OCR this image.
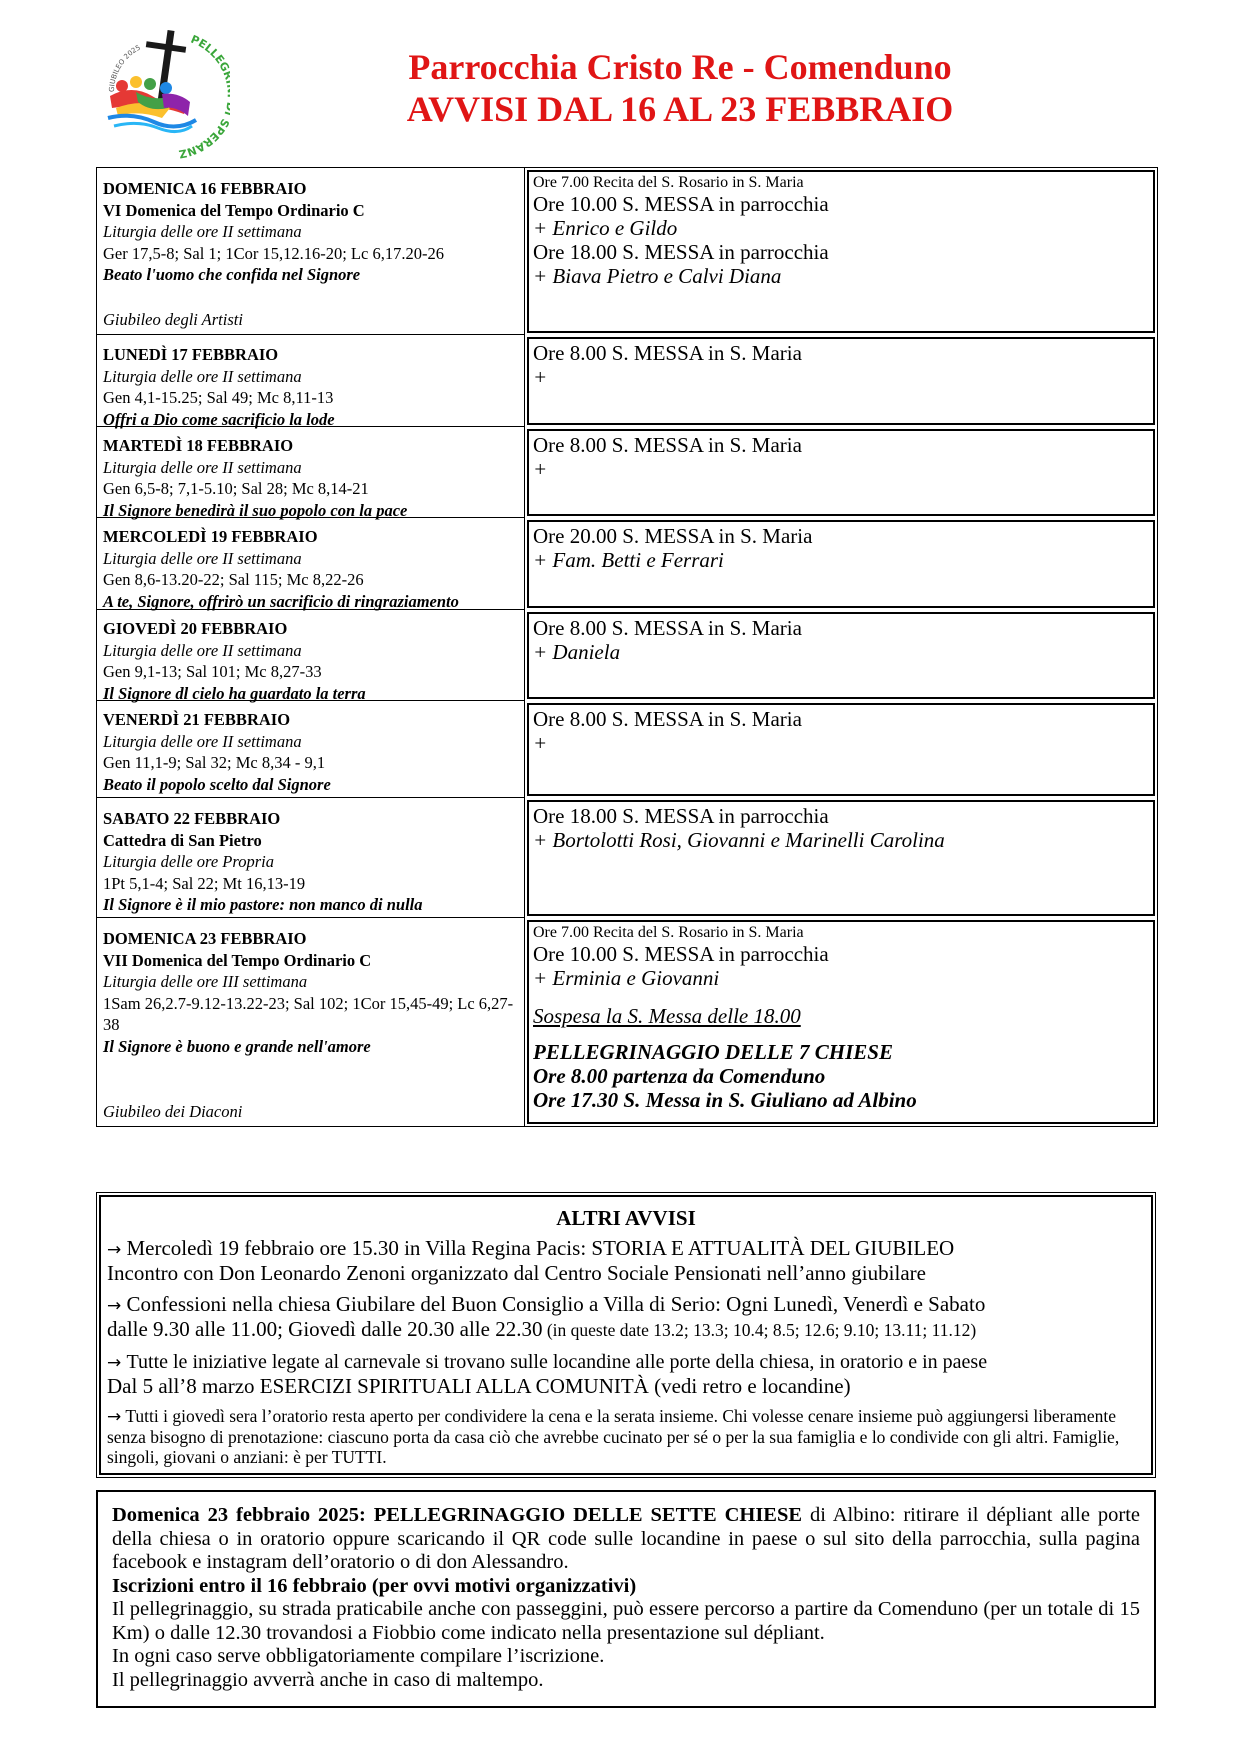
GIUBILEO 2025
PELLE PERANZ
Parrocchia Cristo Re - Comenduno
AVVISI DAL 16 AL 23 FEBBRAIO
DOMENICA 16 FEBBRAIO
VI Domenica del Tempo Ordinario C
Liturgia delle ore II settimana
Ger 17,5-8; Sal 1; 1Cor 15,12.16-20; Lc 6,17.20-26
Beato l'uomo che confida nel Signore
Giubileo degli Artisti
Ore 7.00 Recita del S. Rosario in S. Maria
Ore 10.00 S. MESSA in parrocchia
+ Enrico e Gildo
Ore 18.00 S. MESSA in parrocchia
+ Biava Pietro e Calvi Diana
LUNEDÌ 17 FEBBRAIO
Liturgia delle ore II settimana
Gen 4,1-15.25; Sal 49; Mc 8,11-13
Offri a Dio come sacrificio la lode
Ore 8.00 S. MESSA in S. Maria
+
MARTEDÌ 18 FEBBRAIO
Liturgia delle ore II settimana
Gen 6,5-8; 7,1-5.10; Sal 28; Mc 8,14-21
Il Signore benedirà il suo popolo con la pace
Ore 8.00 S. MESSA in S. Maria
+
MERCOLEDÌ 19 FEBBRAIO
Liturgia delle ore II settimana
Gen 8,6-13.20-22; Sal 115; Mc 8,22-26
A te, Signore, offrirò un sacrificio di ringraziamento
Ore 20.00 S. MESSA in S. Maria
+ Fam. Betti e Ferrari
GIOVEDÌ 20 FEBBRAIO
Liturgia delle ore II settimana
Gen 9,1-13; Sal 101; Mc 8,27-33
Il Signore dl cielo ha guardato la terra
Ore 8.00 S. MESSA in S. Maria
+ Daniela
VENERDÌ 21 FEBBRAIO
Liturgia delle ore II settimana
Gen 11,1-9; Sal 32; Mc 8,34 - 9,1
Beato il popolo scelto dal Signore
Ore 8.00 S. MESSA in S. Maria
+
SABATO 22 FEBBRAIO
Cattedra di San Pietro
Liturgia delle ore Propria
1Pt 5,1-4; Sal 22; Mt 16,13-19
Il Signore è il mio pastore: non manco di nulla
Ore 18.00 S. MESSA in parrocchia
+ Bortolotti Rosi, Giovanni e Marinelli Carolina
DOMENICA 23 FEBBRAIO
VII Domenica del Tempo Ordinario C
Liturgia delle ore III settimana
1Sam 26,2.7-9.12-13.22-23; Sal 102; 1Cor 15,45-49; Lc 6,27-38
Il Signore è buono e grande nell'amore
Giubileo dei Diaconi
Ore 7.00 Recita del S. Rosario in S. Maria
Ore 10.00 S. MESSA in parrocchia
+ Erminia e Giovanni
Sospesa la S. Messa delle 18.00
PELLEGRINAGGIO DELLE 7 CHIESE
Ore 8.00 partenza da Comenduno
Ore 17.30 S. Messa in S. Giuliano ad Albino
ALTRI AVVISI
→ Mercoledì 19 febbraio ore 15.30 in Villa Regina Pacis: STORIA E ATTUALITÀ DEL GIUBILEO
Incontro con Don Leonardo Zenoni organizzato dal Centro Sociale Pensionati nell’anno giubilare
→ Confessioni nella chiesa Giubilare del Buon Consiglio a Villa di Serio: Ogni Lunedì, Venerdì e Sabato
dalle 9.30 alle 11.00; Giovedì dalle 20.30 alle 22.30 (in queste date 13.2; 13.3; 10.4; 8.5; 12.6; 9.10; 13.11; 11.12)
→ Tutte le iniziative legate al carnevale si trovano sulle locandine alle porte della chiesa, in oratorio e in paese
Dal 5 all’8 marzo ESERCIZI SPIRITUALI ALLA COMUNITÀ (vedi retro e locandine)
→ Tutti i giovedì sera l’oratorio resta aperto per condividere la cena e la serata insieme. Chi volesse cenare insieme può aggiungersi liberamente senza bisogno di prenotazione: ciascuno porta da casa ciò che avrebbe cucinato per sé o per la sua famiglia e lo condivide con gli altri. Famiglie, singoli, giovani o anziani: è per TUTTI.
Domenica 23 febbraio 2025: PELLEGRINAGGIO DELLE SETTE CHIESE di Albino: ritirare il dépliant alle porte della chiesa o in oratorio oppure scaricando il QR code sulle locandine in paese o sul sito della parrocchia, sulla pagina facebook e instagram dell’oratorio o di don Alessandro.
Iscrizioni entro il 16 febbraio (per ovvi motivi organizzativi)
Il pellegrinaggio, su strada praticabile anche con passeggini, può essere percorso a partire da Comenduno (per un totale di 15 Km) o dalle 12.30 trovandosi a Fiobbio come indicato nella presentazione sul dépliant.
In ogni caso serve obbligatoriamente compilare l’iscrizione.
Il pellegrinaggio avverrà anche in caso di maltempo.
